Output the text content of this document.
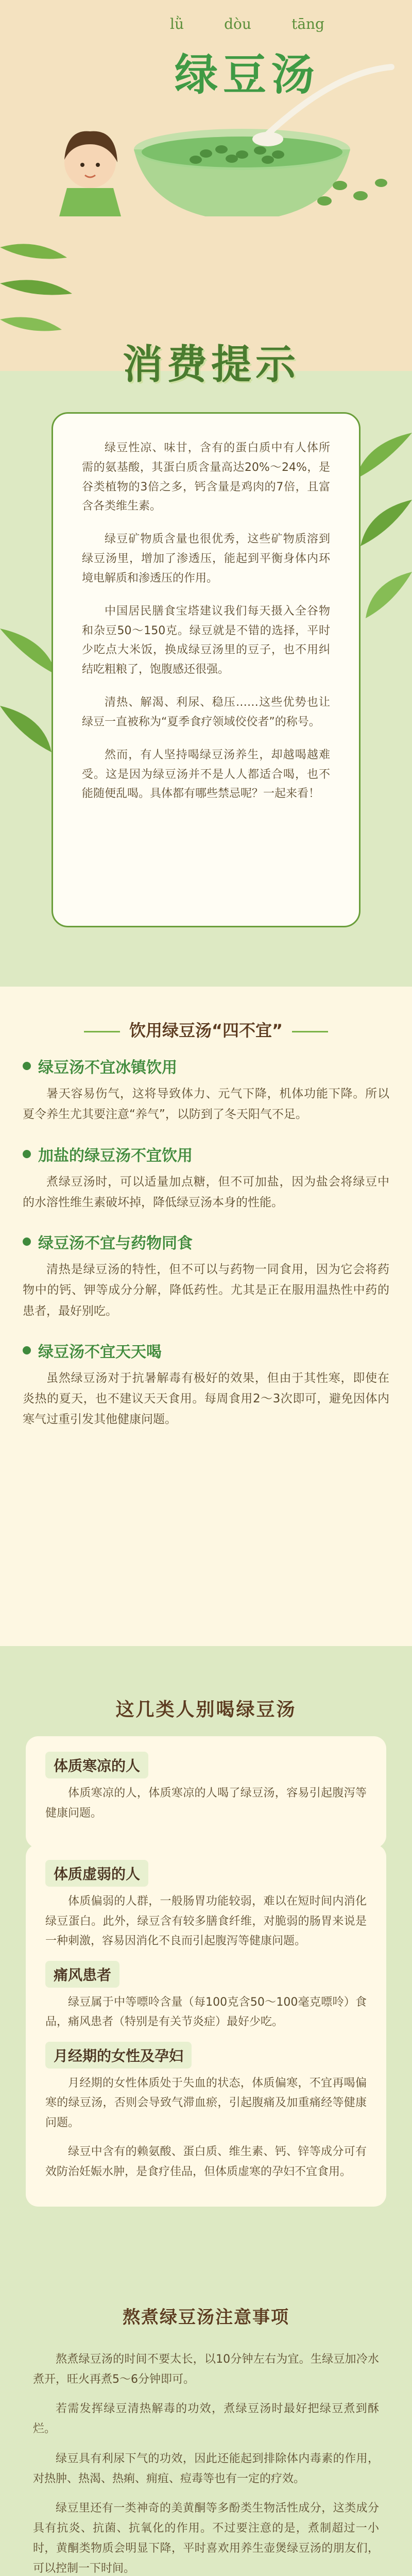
lǜ	dòu	tāng
绿豆汤
消费提示

绿豆性凉、味甘，含有的蛋白质中有人体所需的氨基酸，其蛋白质含量高达20%～24%，是谷类植物的3倍之多，钙含量是鸡肉的7倍，且富含各类维生素。

绿豆矿物质含量也很优秀，这些矿物质溶到绿豆汤里，增加了渗透压，能起到平衡身体内环境电解质和渗透压的作用。

中国居民膳食宝塔建议我们每天摄入全谷物和杂豆50～150克。绿豆就是不错的选择，平时少吃点大米饭，换成绿豆汤里的豆子，也不用纠结吃粗粮了，饱腹感还很强。

清热、解渴、利尿、稳压……这些优势也让绿豆一直被称为“夏季食疗领域佼佼者”的称号。

然而，有人坚持喝绿豆汤养生，却越喝越难受。这是因为绿豆汤并不是人人都适合喝，也不能随便乱喝。具体都有哪些禁忌呢？一起来看！

饮用绿豆汤“四不宜”
绿豆汤不宜冰镇饮用
暑天容易伤气，这将导致体力、元气下降，机体功能下降。所以夏令养生尤其要注意“养气”，以防到了冬天阳气不足。
加盐的绿豆汤不宜饮用
煮绿豆汤时，可以适量加点糖，但不可加盐，因为盐会将绿豆中的水溶性维生素破坏掉，降低绿豆汤本身的性能。
绿豆汤不宜与药物同食
清热是绿豆汤的特性，但不可以与药物一同食用，因为它会将药物中的钙、钾等成分分解，降低药性。尤其是正在服用温热性中药的患者，最好别吃。
绿豆汤不宜天天喝
虽然绿豆汤对于抗暑解毒有极好的效果，但由于其性寒，即使在炎热的夏天，也不建议天天食用。每周食用2～3次即可，避免因体内寒气过重引发其他健康问题。
这几类人别喝绿豆汤
体质寒凉的人
体质寒凉的人，体质寒凉的人喝了绿豆汤，容易引起腹泻等健康问题。
体质虚弱的人
体质偏弱的人群，一般肠胃功能较弱，难以在短时间内消化绿豆蛋白。此外，绿豆含有较多膳食纤维，对脆弱的肠胃来说是一种刺激，容易因消化不良而引起腹泻等健康问题。
痛风患者
绿豆属于中等嘌呤含量（每100克含50～100毫克嘌呤）食品，痛风患者（特别是有关节炎症）最好少吃。
月经期的女性及孕妇
月经期的女性体质处于失血的状态，体质偏寒，不宜再喝偏寒的绿豆汤，否则会导致气滞血瘀，引起腹痛及加重痛经等健康问题。
绿豆中含有的赖氨酸、蛋白质、维生素、钙、锌等成分可有效防治妊娠水肿，是食疗佳品，但体质虚寒的孕妇不宜食用。
熬煮绿豆汤注意事项

熬煮绿豆汤的时间不要太长，以10分钟左右为宜。生绿豆加冷水煮开，旺火再煮5～6分钟即可。

若需发挥绿豆清热解毒的功效，煮绿豆汤时最好把绿豆煮到酥烂。

绿豆具有利尿下气的功效，因此还能起到排除体内毒素的作用，对热肿、热渴、热痢、痈疽、痘毒等也有一定的疗效。

绿豆里还有一类神奇的美黄酮等多酚类生物活性成分，这类成分具有抗炎、抗菌、抗氧化的作用。不过要注意的是，煮制超过一小时，黄酮类物质会明显下降，平时喜欢用养生壶煲绿豆汤的朋友们，可以控制一下时间。
